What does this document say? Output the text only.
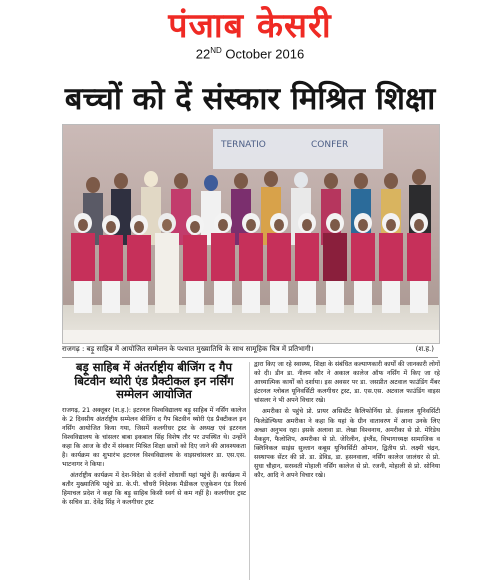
पंजाब केसरी
22ND October 2016
बच्चों को दें संस्कार मिश्रित शिक्षा
TERNATIO	CONFER
राजगढ़ : बड़ू साहिब में आयोजित सम्मेलन के पश्चात मुख्यातिथि के साथ सामूहिक चित्र में प्रतिभागी।	(श.ह.)
बड़ू साहिब में अंतर्राष्ट्रीय बीजिंग द गैप बिटवीन थ्योरी एंड प्रैक्टीकल इन नर्सिंग सम्मेलन आयोजित

राजगढ़, 21 अक्तूबर (श.ह.): इटरनल विश्वविद्यालय बड़ू साहिब में नर्सिंग कालेज के 2 दिवसीय अंतर्राष्ट्रीय सम्मेलन बीजिंग द गैप बिटवीन थ्योरी एंड प्रैक्टीकल इन नर्सिंग आयोजित किया गया, जिसमें कलगीधर ट्रस्ट के अध्यक्ष एवं इटरनल विश्वविद्यालय के चांसलर बाबा इकबाल सिंह विशेष तौर पर उपस्थित थे। उन्होंने कहा कि आज के दौर में संस्कार मिश्रित शिक्षा छात्रों को दिए जाने की आवश्यकता है। कार्यक्रम का शुभारंभ इटरनल विश्वविद्यालय के वाइसचांसलर डा. एस.एस. भाटनागर ने किया।

अंतर्राष्ट्रीय कार्यक्रम में देश-विदेश से दर्जनों शोधार्थी यहां पहुंचे हैं। कार्यक्रम में बतौर मुख्यातिथि पहुंचे डा. के.पी. चौधरी निदेशक मैडीकल एजुकेशन एंड रिसर्च हिमाचल प्रदेश ने कहा कि बड़ू साहिब किसी स्वर्ग से कम नहीं है। कलगीधर ट्रस्ट के सचिव डा. देवेंद्र सिंह ने कलगीधर ट्रस्ट

द्वारा किए जा रहे स्वास्थ्य, शिक्षा के संबंधित कल्याणकारी कार्यों की जानकारी लोगों को दी। डीन डा. नीलम कौर ने अकाल कालेज ऑफ नर्सिंग में किए जा रहे आध्यात्मिक कार्यों को दर्शाया। इस अवसर पर डा. जसप्रीत अटवाल फाउंडिंग मैंबर इंटरनल ग्लोबल यूनिवर्सिटी कलगीधर ट्रस्ट, डा. एस.एस. अटवाल फाउंडिंग वाइस चांसलर ने भी अपने विचार रखे।

अमरीका से पहुंचे प्रो. प्रायर असिस्टैंट कैलिफोर्निया प्रो. ईसलाल यूनिवर्सिटी फिलेडेल्फिया अमरीका ने कहा कि यहां के ग्रीन वातावरण में आना उनके लिए अच्छा अनुभव रहा। इसके अलावा डा. लेखा विश्वनाथ, अमरीका से प्रो. मेरिडेथ मैकहुग, फैलोशिप, अमरीका से प्रो. जेरिलीन, इंग्लैंड, विभागाध्यक्ष सामाजिक व क्लिनिकल साइंस सुल्तान कबूस यूनिवर्सिटी ओमान, द्वितीय प्रो. लक्ष्मी चंद्रन, सस्थापक सेंटर की प्रो. डा. डेविड, डा. हसनवाला, नर्सिंग कालेज जालंधर से प्रो. सुधा चौहान, सरस्वती मोहाली नर्सिंग कालेज से प्रो. रजनी, मोहाली से प्रो. सोनिया कौर, आदि ने अपने विचार रखे।
